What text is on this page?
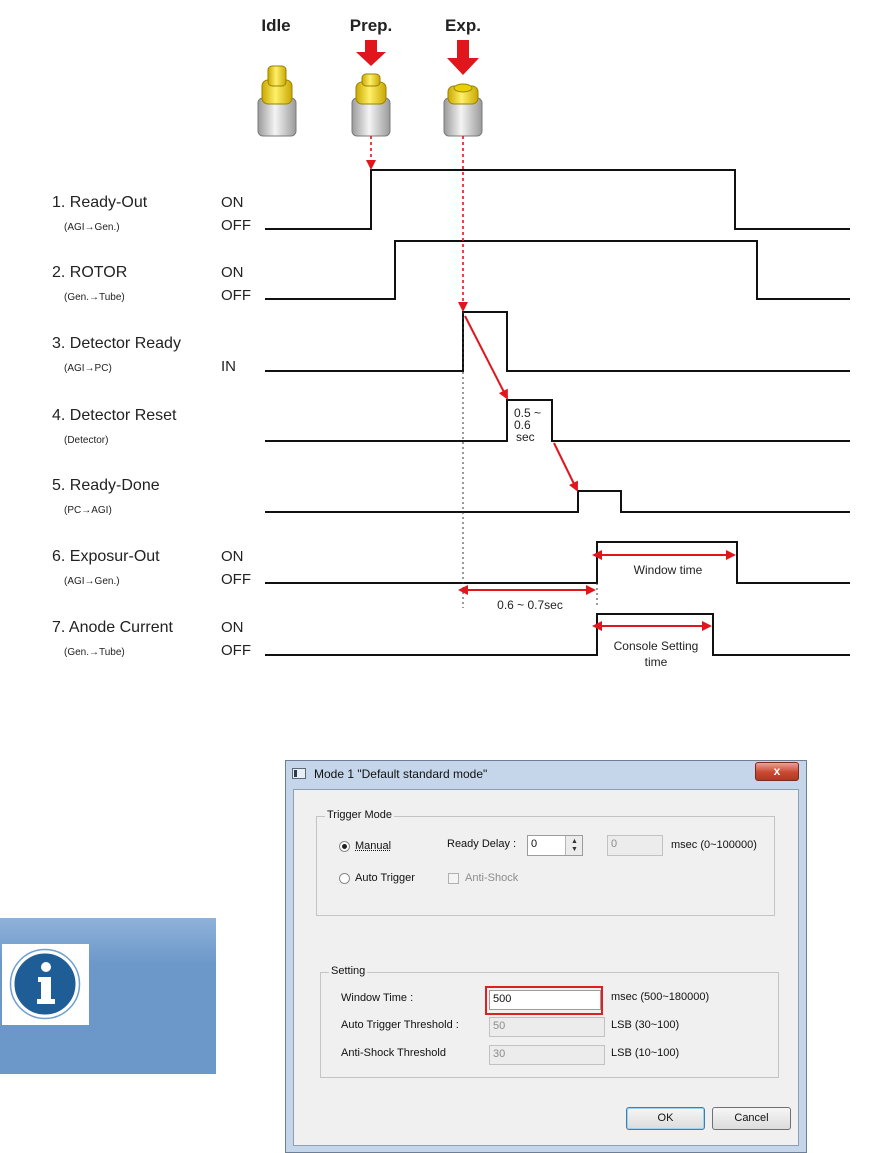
Idle	Prep.	Exp.
1. Ready-Out
(AGI→Gen.)
ON
OFF
2. ROTOR
(Gen.→Tube)
ON
OFF
3. Detector Ready
(AGI→PC)	IN
4. Detector Reset
(Detector)
5. Ready-Done
(PC→AGI)
6. Exposur-Out
(AGI→Gen.)
ON
OFF
7. Anode Current
(Gen.→Tube)
ON
OFF
0.5 ~
0.6
sec
0.6 ~ 0.7sec
Window time
Console Setting
time
Mode 1 "Default standard mode"	x
Trigger Mode
Manual
Auto Trigger
Ready Delay :	0	▲
▼	0	msec (0~100000)
Anti-Shock
Setting
Window Time :	500	msec (500~180000)
Auto Trigger Threshold :	50	LSB (30~100)
Anti-Shock Threshold	30	LSB (10~100)
OK	Cancel
